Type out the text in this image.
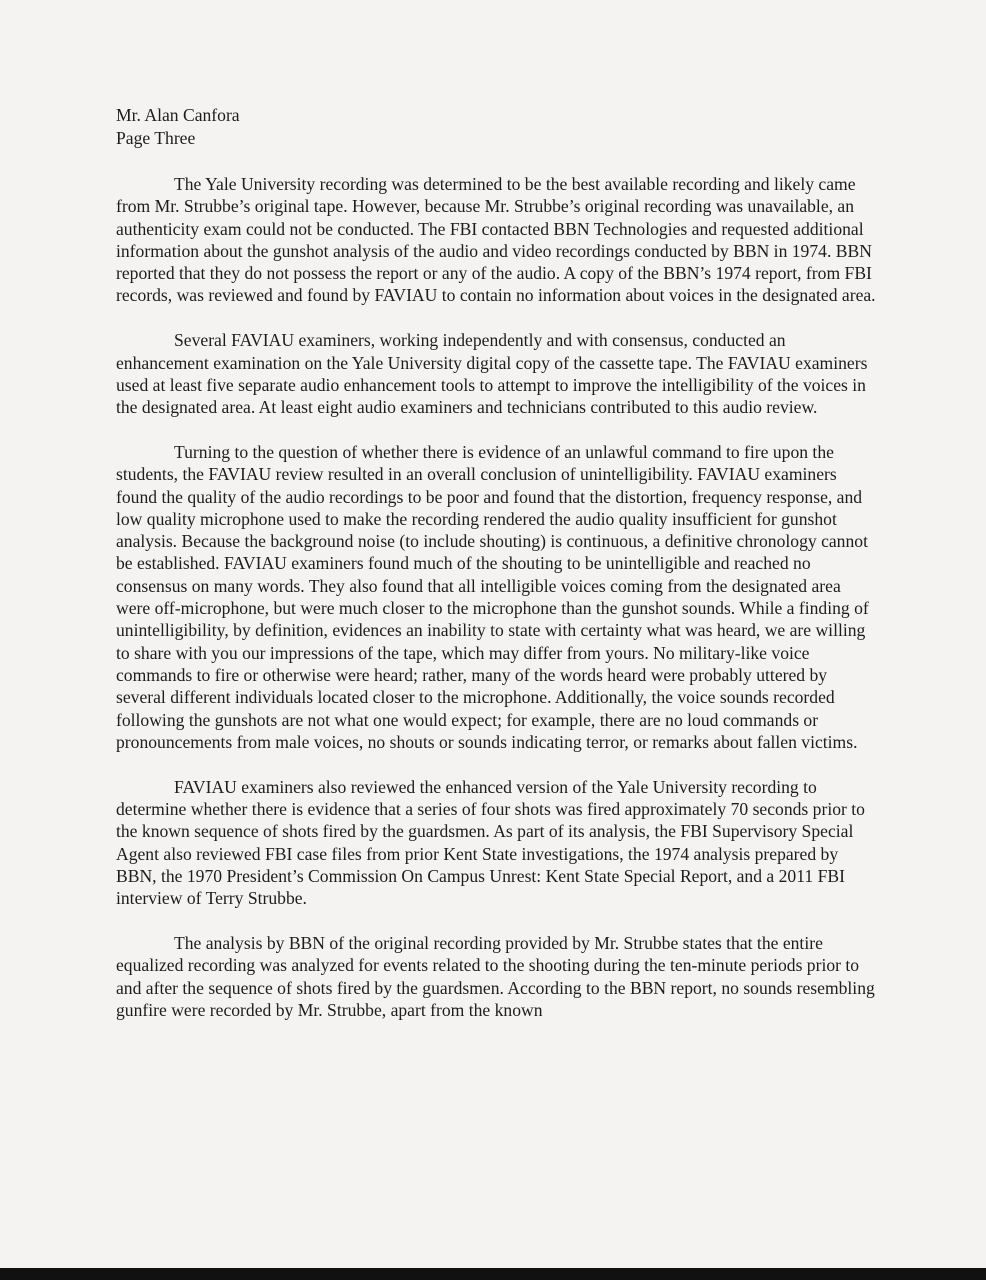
Mr. Alan Canfora
Page Three

The Yale University recording was determined to be the best available recording and likely came from Mr. Strubbe’s original tape. However, because Mr. Strubbe’s original recording was unavailable, an authenticity exam could not be conducted. The FBI contacted BBN Technologies and requested additional information about the gunshot analysis of the audio and video recordings conducted by BBN in 1974. BBN reported that they do not possess the report or any of the audio. A copy of the BBN’s 1974 report, from FBI records, was reviewed and found by FAVIAU to contain no information about voices in the designated area.

Several FAVIAU examiners, working independently and with consensus, conducted an enhancement examination on the Yale University digital copy of the cassette tape. The FAVIAU examiners used at least five separate audio enhancement tools to attempt to improve the intelligibility of the voices in the designated area. At least eight audio examiners and technicians contributed to this audio review.

Turning to the question of whether there is evidence of an unlawful command to fire upon the students, the FAVIAU review resulted in an overall conclusion of unintelligibility. FAVIAU examiners found the quality of the audio recordings to be poor and found that the distortion, frequency response, and low quality microphone used to make the recording rendered the audio quality insufficient for gunshot analysis. Because the background noise (to include shouting) is continuous, a definitive chronology cannot be established. FAVIAU examiners found much of the shouting to be unintelligible and reached no consensus on many words. They also found that all intelligible voices coming from the designated area were off-microphone, but were much closer to the microphone than the gunshot sounds. While a finding of unintelligibility, by definition, evidences an inability to state with certainty what was heard, we are willing to share with you our impressions of the tape, which may differ from yours. No military-like voice commands to fire or otherwise were heard; rather, many of the words heard were probably uttered by several different individuals located closer to the microphone. Additionally, the voice sounds recorded following the gunshots are not what one would expect; for example, there are no loud commands or pronouncements from male voices, no shouts or sounds indicating terror, or remarks about fallen victims.

FAVIAU examiners also reviewed the enhanced version of the Yale University recording to determine whether there is evidence that a series of four shots was fired approximately 70 seconds prior to the known sequence of shots fired by the guardsmen. As part of its analysis, the FBI Supervisory Special Agent also reviewed FBI case files from prior Kent State investigations, the 1974 analysis prepared by BBN, the 1970 President’s Commission On Campus Unrest: Kent State Special Report, and a 2011 FBI interview of Terry Strubbe.

The analysis by BBN of the original recording provided by Mr. Strubbe states that the entire equalized recording was analyzed for events related to the shooting during the ten-minute periods prior to and after the sequence of shots fired by the guardsmen. According to the BBN report, no sounds resembling gunfire were recorded by Mr. Strubbe, apart from the known
